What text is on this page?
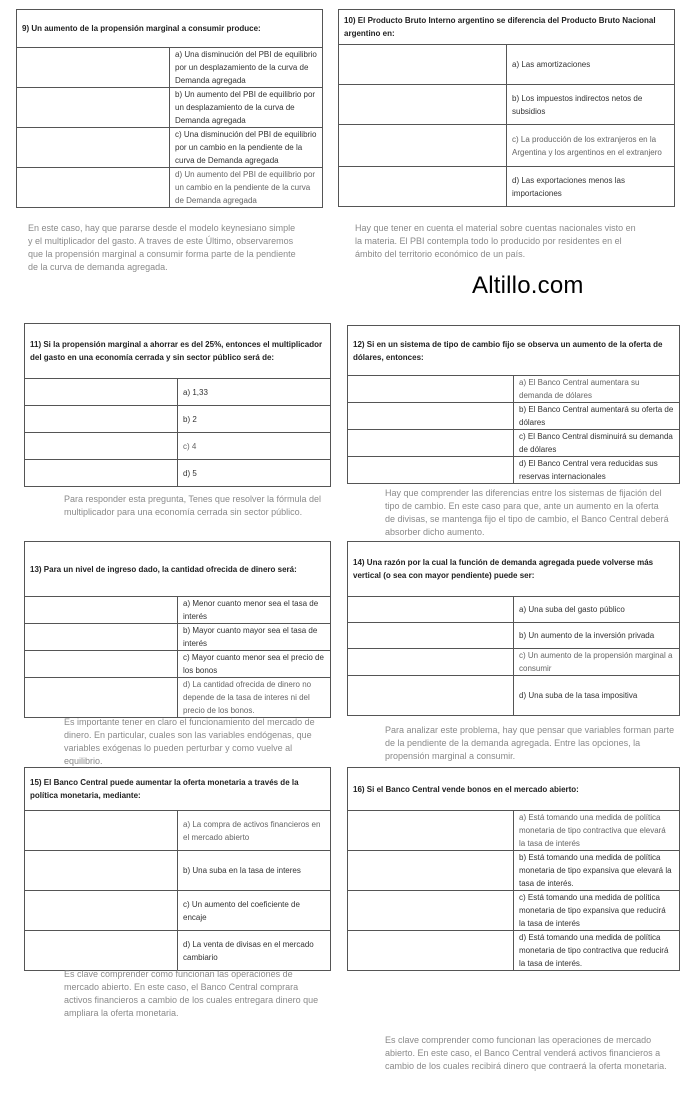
9) Un aumento de la propensión marginal a consumir produce:	
	a) Una disminución del PBI de equilibrio por un desplazamiento de la curva de Demanda agregada
	b) Un aumento del PBI de equilibrio por un desplazamiento de la curva de Demanda agregada
	c) Una disminución del PBI de equilibrio por un cambio en la pendiente de la curva de Demanda agregada
	d) Un aumento del PBI de equilibrio por un cambio en la pendiente de la curva de Demanda agregada

En este caso, hay que pararse desde el modelo keynesiano simple y el multiplicador del gasto. A traves de este Último, observaremos que la propensión marginal a consumir forma parte de la pendiente de la curva de demanda agregada.

10) El Producto Bruto Interno argentino se diferencia del Producto Bruto Nacional argentino en:	
	a) Las amortizaciones
	b) Los impuestos indirectos netos de subsidios
	c) La producción de los extranjeros en la Argentina y los argentinos en el extranjero
	d) Las exportaciones menos las importaciones

Hay que tener en cuenta el material sobre cuentas nacionales visto en la materia. El PBI contempla todo lo producido por residentes en el ámbito del territorio económico de un país.

Altillo.com
11) Si la propensión marginal a ahorrar es del 25%, entonces el multiplicador del gasto en una economía cerrada y sin sector público será de:	
	a) 1,33
	b) 2
	c) 4
	d) 5

Para responder esta pregunta, Tenes que resolver la fórmula del multiplicador para una economía cerrada sin sector público.

12) Si en un sistema de tipo de cambio fijo se observa un aumento de la oferta de dólares, entonces:	
	a) El Banco Central aumentara su demanda de dólares
	b) El Banco Central aumentará su oferta de dólares
	c) El Banco Central disminuirá su demanda de dólares
	d) El Banco Central vera reducidas sus reservas internacionales

Hay que comprender las diferencias entre los sistemas de fijación del tipo de cambio. En este caso para que, ante un aumento en la oferta de divisas, se mantenga fijo el tipo de cambio, el Banco Central deberá absorber dicho aumento.

13) Para un nivel de ingreso dado, la cantidad ofrecida de dinero será:	
	a) Menor cuanto menor sea el tasa de interés
	b) Mayor cuanto mayor sea el tasa de interés
	c) Mayor cuanto menor sea el precio de los bonos
	d) La cantidad ofrecida de dinero no depende de la tasa de interes ni del precio de los bonos.

Es importante tener en claro el funcionamiento del mercado de dinero. En particular, cuales son las variables endógenas, que variables exógenas lo pueden perturbar y como vuelve al equilibrio.

14) Una razón por la cual la función de demanda agregada puede volverse más vertical (o sea con mayor pendiente) puede ser:	
	a) Una suba del gasto público
	b) Un aumento de la inversión privada
	c) Un aumento de la propensión marginal a consumir
	d) Una suba de la tasa impositiva

Para analizar este problema, hay que pensar que variables forman parte de la pendiente de la demanda agregada. Entre las opciones, la propensión marginal a consumir.

15) El Banco Central puede aumentar la oferta monetaria a través de la política monetaria, mediante:	
	a) La compra de activos financieros en el mercado abierto
	b) Una suba en la tasa de interes
	c) Un aumento del coeficiente de encaje
	d) La venta de divisas en el mercado cambiario

Es clave comprender como funcionan las operaciones de mercado abierto. En este caso, el Banco Central comprara activos financieros a cambio de los cuales entregara dinero que ampliara la oferta monetaria.

16) Si el Banco Central vende bonos en el mercado abierto:	
	a) Está tomando una medida de política monetaria de tipo contractiva que elevará la tasa de interés
	b) Está tomando una medida de política monetaria de tipo expansiva que elevará la tasa de interés.
	c) Está tomando una medida de política monetaria de tipo expansiva que reducirá la tasa de interés
	d) Está tomando una medida de política monetaria de tipo contractiva que reducirá la tasa de interés.

Es clave comprender como funcionan las operaciones de mercado abierto. En este caso, el Banco Central venderá activos financieros a cambio de los cuales recibirá dinero que contraerá la oferta monetaria.
